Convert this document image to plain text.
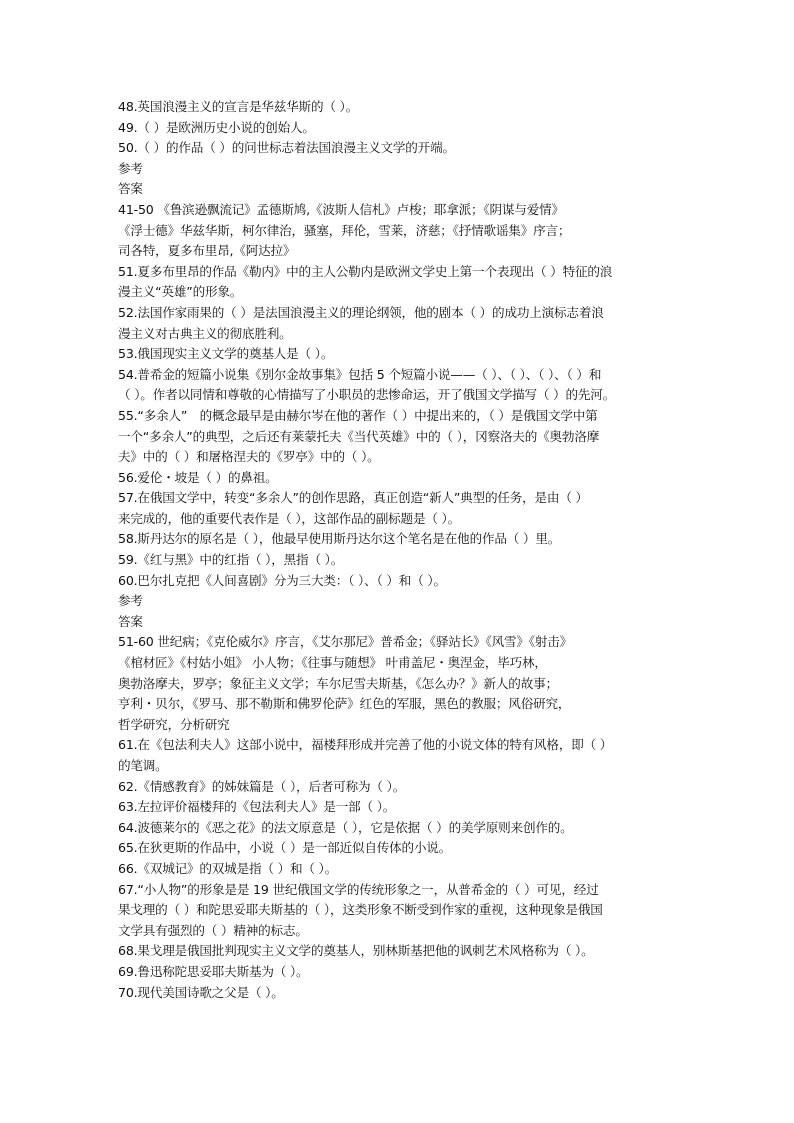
48.英国浪漫主义的宣言是华兹华斯的（ ）。
49.（ ）是欧洲历史小说的创始人。
50.（ ）的作品（ ）的问世标志着法国浪漫主义文学的开端。
参考
答案
41-50 《鲁滨逊飘流记》孟德斯鸠,《波斯人信札》卢梭；耶拿派；《阴谋与爱情》
《浮士德》华兹华斯，柯尔律治，骚塞，拜伦，雪莱，济慈；《抒情歌谣集》序言；
司各特，夏多布里昂,《阿达拉》
51.夏多布里昂的作品《勒内》中的主人公勒内是欧洲文学史上第一个表现出（ ）特征的浪
漫主义“英雄”的形象。
52.法国作家雨果的（ ）是法国浪漫主义的理论纲领，他的剧本（ ）的成功上演标志着浪
漫主义对古典主义的彻底胜利。
53.俄国现实主义文学的奠基人是（ ）。
54.普希金的短篇小说集《别尔金故事集》包括 5 个短篇小说——（ ）、（ ）、（ ）、（ ）和
（ ）。作者以同情和尊敬的心情描写了小职员的悲惨命运，开了俄国文学描写（ ）的先河。
55.“多余人”　的概念最早是由赫尔岑在他的著作（ ）中提出来的，（ ）是俄国文学中第
一个“多余人”的典型，之后还有莱蒙托夫《当代英雄》中的（ ），冈察洛夫的《奥勃洛摩
夫》中的（ ）和屠格涅夫的《罗亭》中的（ ）。
56.爱伦・坡是（ ）的鼻祖。
57.在俄国文学中，转变“多余人”的创作思路，真正创造“新人”典型的任务，是由（ ）
来完成的，他的重要代表作是（ ），这部作品的副标题是（ ）。
58.斯丹达尔的原名是（ ），他最早使用斯丹达尔这个笔名是在他的作品（ ）里。
59.《红与黑》中的红指（ ），黑指（ ）。
60.巴尔扎克把《人间喜剧》分为三大类：（ ）、（ ）和（ ）。
参考
答案
51-60 世纪病；《克伦威尔》序言，《艾尔那尼》普希金；《驿站长》《风雪》《射击》
《棺材匠》《村姑小姐》 小人物；《往事与随想》 叶甫盖尼・奥涅金，毕巧林，
奥勃洛摩夫，罗亭；象征主义文学；车尔尼雪夫斯基，《怎么办？》新人的故事；
亨利・贝尔，《罗马、那不勒斯和佛罗伦萨》红色的军服，黑色的教服；风俗研究，
哲学研究，分析研究
61.在《包法利夫人》这部小说中，福楼拜形成并完善了他的小说文体的特有风格，即（ ）
的笔调。
62.《情感教育》的姊妹篇是（ ），后者可称为（ ）。
63.左拉评价福楼拜的《包法利夫人》是一部（ ）。
64.波德莱尔的《恶之花》的法文原意是（ ），它是依据（ ）的美学原则来创作的。
65.在狄更斯的作品中，小说（ ）是一部近似自传体的小说。
66.《双城记》的双城是指（ ）和（ ）。
67.“小人物”的形象是是 19 世纪俄国文学的传统形象之一，从普希金的（ ）可见，经过
果戈理的（ ）和陀思妥耶夫斯基的（ ），这类形象不断受到作家的重视，这种现象是俄国
文学具有强烈的（ ）精神的标志。
68.果戈理是俄国批判现实主义文学的奠基人，别林斯基把他的讽刺艺术风格称为（ ）。
69.鲁迅称陀思妥耶夫斯基为（ ）。
70.现代美国诗歌之父是（ ）。
